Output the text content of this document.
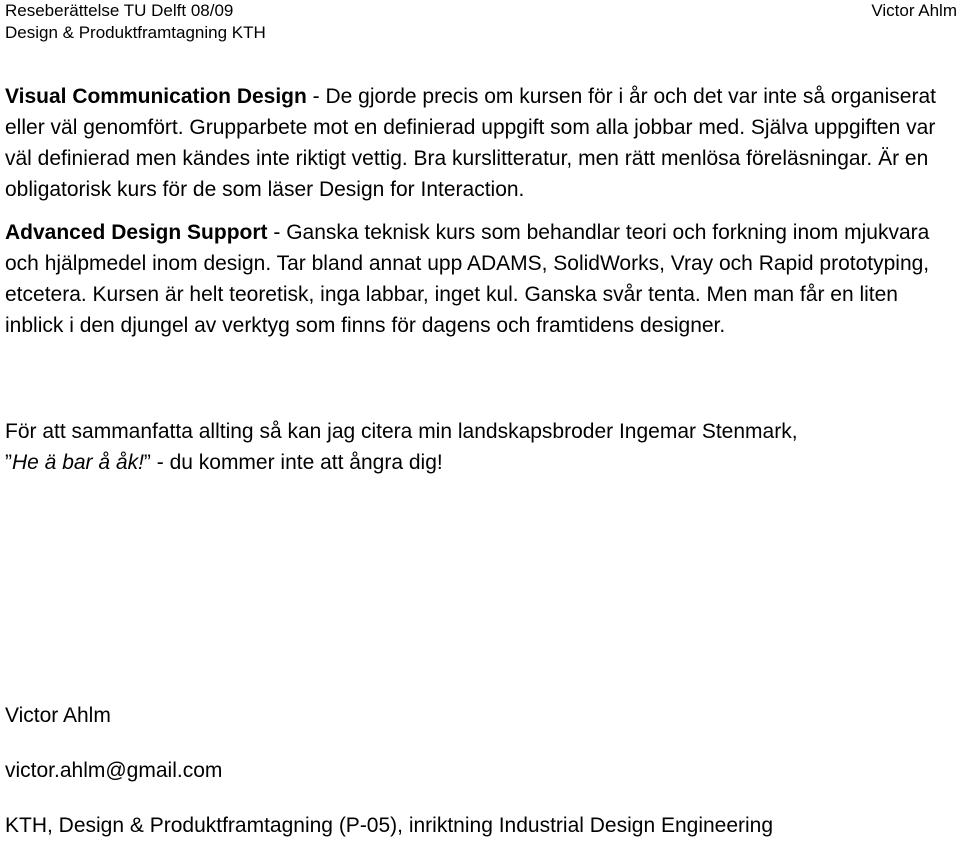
Reseberättelse TU Delft 08/09	Victor Ahlm
Design & Produktframtagning KTH

Visual Communication Design - De gjorde precis om kursen för i år och det var inte så organiserat eller väl genomfört. Grupparbete mot en definierad uppgift som alla jobbar med. Själva uppgiften var väl definierad men kändes inte riktigt vettig. Bra kurslitteratur, men rätt menlösa föreläsningar. Är en obligatorisk kurs för de som läser Design for Interaction.

Advanced Design Support - Ganska teknisk kurs som behandlar teori och forkning inom mjukvara och hjälpmedel inom design. Tar bland annat upp ADAMS, SolidWorks, Vray och Rapid prototyping, etcetera. Kursen är helt teoretisk, inga labbar, inget kul. Ganska svår tenta. Men man får en liten inblick i den djungel av verktyg som finns för dagens och framtidens designer.

För att sammanfatta allting så kan jag citera min landskapsbroder Ingemar Stenmark,
”He ä bar å åk!” - du kommer inte att ångra dig!

Victor Ahlm
victor.ahlm@gmail.com
KTH, Design & Produktframtagning (P-05), inriktning Industrial Design Engineering
